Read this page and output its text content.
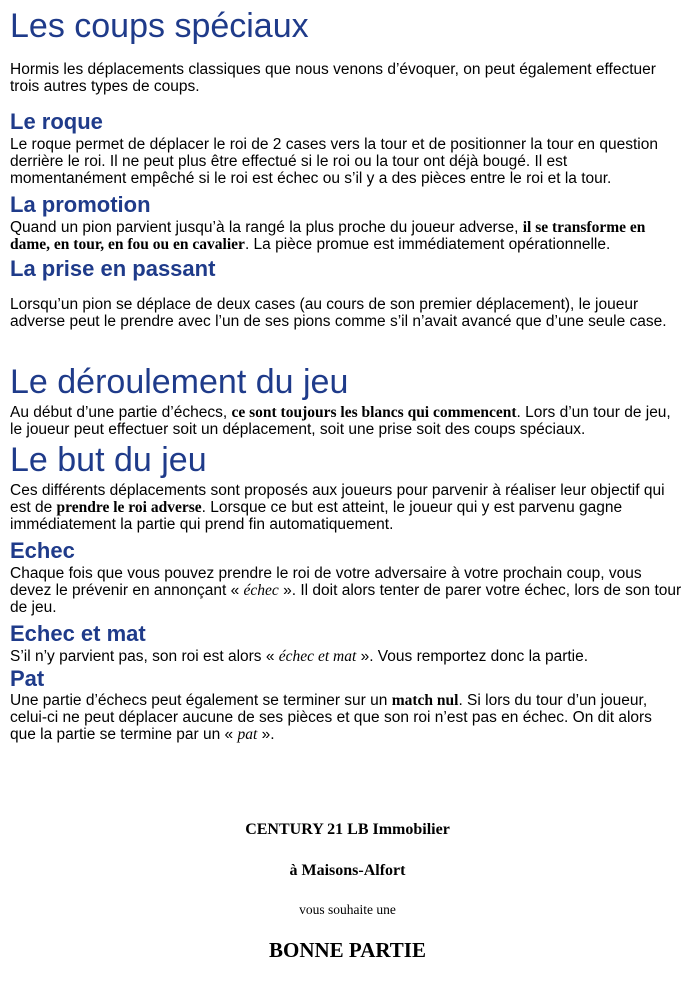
Les coups spéciaux

Hormis les déplacements classiques que nous venons d’évoquer, on peut également effectuer trois autres types de coups.

Le roque

Le roque permet de déplacer le roi de 2 cases vers la tour et de positionner la tour en question derrière le roi. Il ne peut plus être effectué si le roi ou la tour ont déjà bougé. Il est momentanément empêché si le roi est échec ou s’il y a des pièces entre le roi et la tour.

La promotion

Quand un pion parvient jusqu’à la rangé la plus proche du joueur adverse, il se transforme en dame, en tour, en fou ou en cavalier. La pièce promue est immédiatement opérationnelle.

La prise en passant

Lorsqu’un pion se déplace de deux cases (au cours de son premier déplacement), le joueur adverse peut le prendre avec l’un de ses pions comme s’il n’avait avancé que d’une seule case.

Le déroulement du jeu

Au début d’une partie d’échecs, ce sont toujours les blancs qui commencent. Lors d’un tour de jeu, le joueur peut effectuer soit un déplacement, soit une prise soit des coups spéciaux.

Le but du jeu

Ces différents déplacements sont proposés aux joueurs pour parvenir à réaliser leur objectif qui est de prendre le roi adverse. Lorsque ce but est atteint, le joueur qui y est parvenu gagne immédiatement la partie qui prend fin automatiquement.

Echec

Chaque fois que vous pouvez prendre le roi de votre adversaire à votre prochain coup, vous devez le prévenir en annonçant « échec ». Il doit alors tenter de parer votre échec, lors de son tour de jeu.

Echec et mat

S’il n’y parvient pas, son roi est alors « échec et mat ». Vous remportez donc la partie.

Pat

Une partie d’échecs peut également se terminer sur un match nul. Si lors du tour d’un joueur, celui-ci ne peut déplacer aucune de ses pièces et que son roi n’est pas en échec. On dit alors que la partie se termine par un « pat ».

CENTURY 21 LB Immobilier
à Maisons-Alfort
vous souhaite une
BONNE PARTIE
